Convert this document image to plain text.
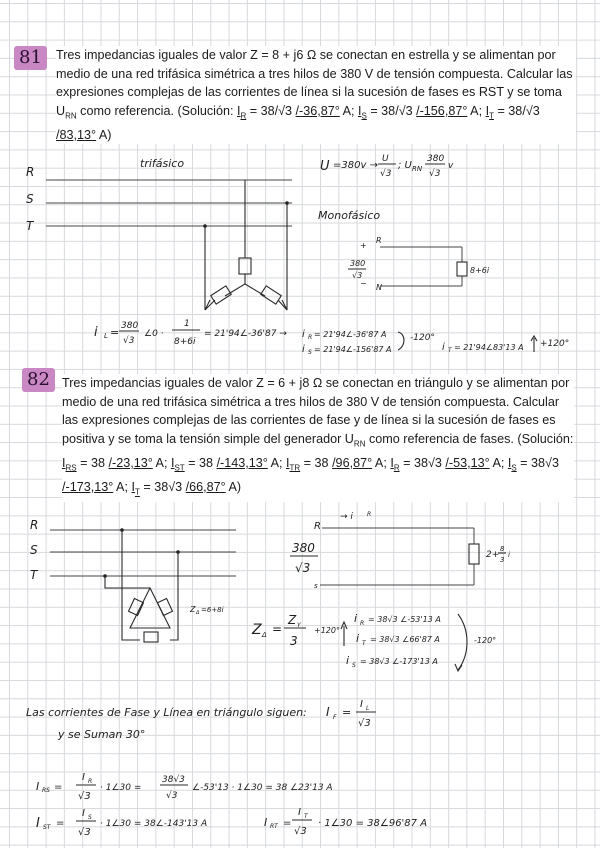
81	Tres impedancias iguales de valor Z = 8 + j6 Ω se conectan en estrella y se alimentan por medio de una red trifásica simétrica a tres hilos de 380 V de tensión compuesta. Calcular las expresiones complejas de las corrientes de línea si la sucesión de fases es RST y se toma $U_{RN}$ como referencia. (Solución: $I_R = 38/√3$ /-36,87° A; $I_S = 38/√3$ /-156,87° A; $I_T = 38/√3$ /83,13° A)
82 Tres impedancias iguales de valor Z = 6 + j8 Ω se conectan en triángulo y se alimentan por medio de una red trifásica simétrica a tres hilos de 380 V de tensión compuesta. Calcular las expresiones complejas de las corrientes de fase y de línea si la sucesión de fases es positiva y se toma la tensión simple del generador $U_{RN}$ como referencia de fases. (Solución: $I_{RS} = 38$ /-23,13° A; $I_{ST} = 38$ /-143,13° A; $I_{TR} = 38$ /96,87° A; $I_R = 38√3$ /-53,13° A; $I_S = 38√3$ /-173,13° A; $I_T = 38√3$ /66,87° A)
R
S
T
trifásico	U =380v →
U
√3
; U RN
380
√3
v
Monofásico
R
+
380
√3
− N
8+6i
i L = 380
√3
∠0 ·
1
8+6i
= 21'94∠-36'87 → i R = 21'94∠-36'87 A
i S = 21'94∠-156'87 A
-120°
i T = 21'94∠83'13 A +120°
R
S
T
Z Δ =6+8i
R
→ i R
380
√3
s
2+
8
3
i
Z Δ =
Z Y
3
+120°
i R = 38√3 ∠-53'13 A
i T = 38√3 ∠66'87 A
i S = 38√3 ∠-173'13 A
-120°
Las corrientes de Fase y Línea en triángulo siguen:
y se Suman 30°
I F =
I L
√3
I RS =
I R
√3
· 1∠30 =
38√3
√3
∠-53'13 · 1∠30 = 38 ∠23'13 A
I ST =
I S
√3
· 1∠30 = 38∠-143'13 A	I RT =
I T
√3
· 1∠30 = 38∠96'87 A
